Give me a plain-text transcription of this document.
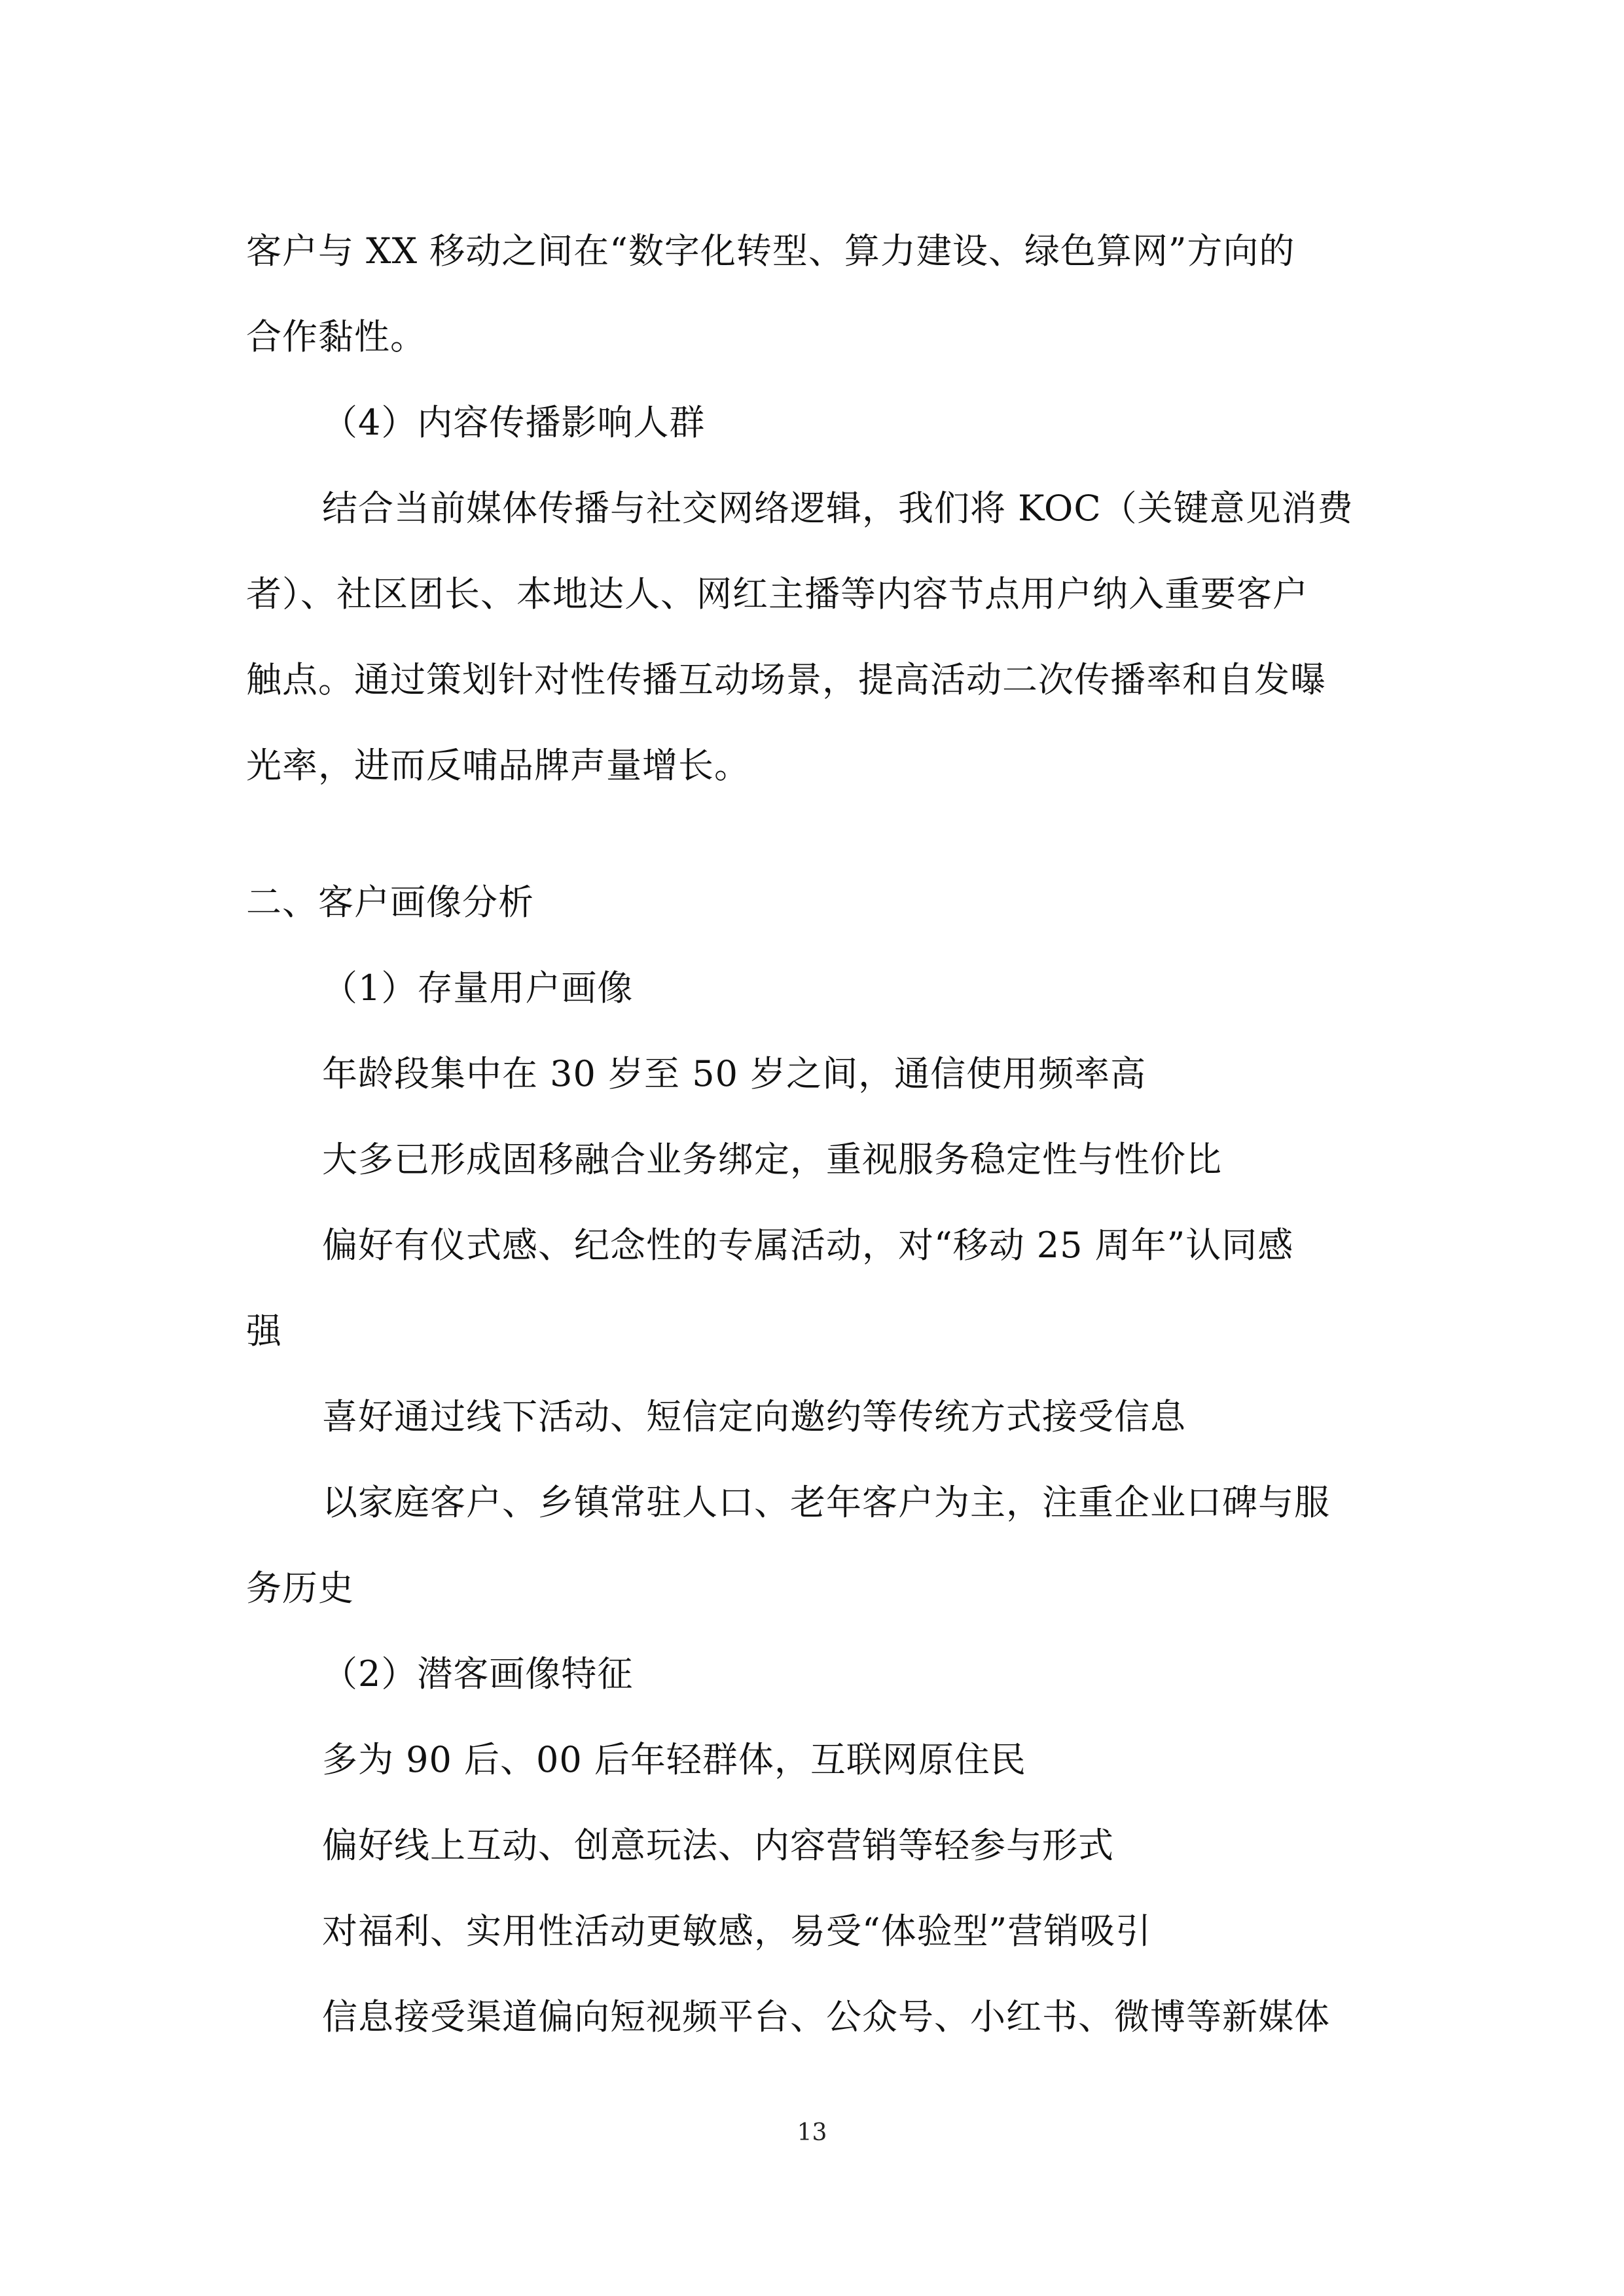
客户与 XX 移动之间在“数字化转型、算力建设、绿色算网”方向的

合作黏性。

（4）内容传播影响人群

结合当前媒体传播与社交网络逻辑，我们将 KOC（关键意见消费

者）、社区团长、本地达人、网红主播等内容节点用户纳入重要客户

触点。通过策划针对性传播互动场景，提高活动二次传播率和自发曝

光率，进而反哺品牌声量增长。

二、客户画像分析

（1）存量用户画像

年龄段集中在 30 岁至 50 岁之间，通信使用频率高

大多已形成固移融合业务绑定，重视服务稳定性与性价比

偏好有仪式感、纪念性的专属活动，对“移动 25 周年”认同感

强

喜好通过线下活动、短信定向邀约等传统方式接受信息

以家庭客户、乡镇常驻人口、老年客户为主，注重企业口碑与服

务历史

（2）潜客画像特征

多为 90 后、00 后年轻群体，互联网原住民

偏好线上互动、创意玩法、内容营销等轻参与形式

对福利、实用性活动更敏感，易受“体验型”营销吸引

信息接受渠道偏向短视频平台、公众号、小红书、微博等新媒体

13
